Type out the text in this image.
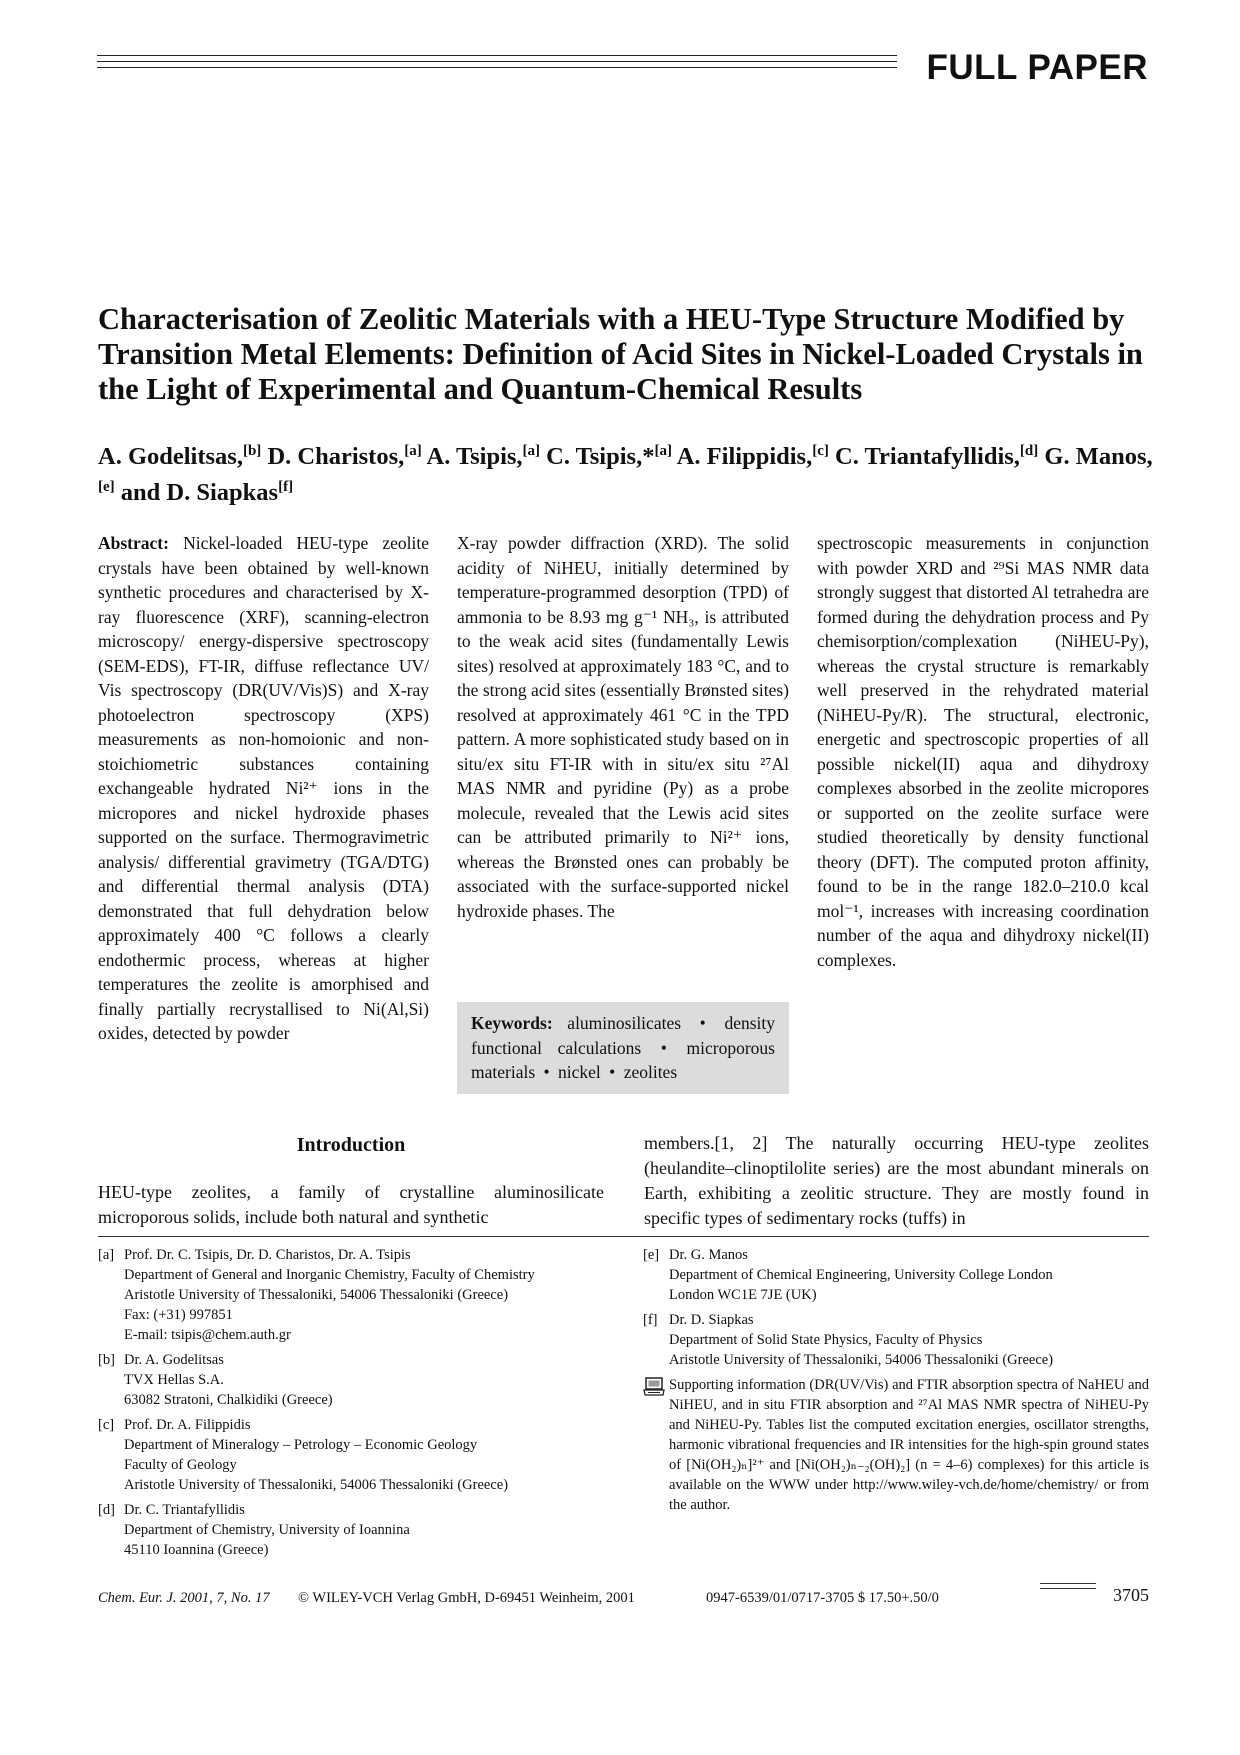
FULL PAPER
Characterisation of Zeolitic Materials with a HEU-Type Structure Modified by Transition Metal Elements: Definition of Acid Sites in Nickel-Loaded Crystals in the Light of Experimental and Quantum-Chemical Results

A. Godelitsas,[b] D. Charistos,[a] A. Tsipis,[a] C. Tsipis,*[a] A. Filippidis,[c] C. Triantafyllidis,[d] G. Manos,[e] and D. Siapkas[f]

Abstract: Nickel-loaded HEU-type zeolite crystals have been obtained by well-known synthetic procedures and characterised by X-ray fluorescence (XRF), scanning-electron microscopy/ energy-dispersive spectroscopy (SEM-EDS), FT-IR, diffuse reflectance UV/ Vis spectroscopy (DR(UV/Vis)S) and X-ray photoelectron spectroscopy (XPS) measurements as non-homoionic and non-stoichiometric substances containing exchangeable hydrated Ni²⁺ ions in the micropores and nickel hydroxide phases supported on the surface. Thermogravimetric analysis/ differential gravimetry (TGA/DTG) and differential thermal analysis (DTA) demonstrated that full dehydration below approximately 400 °C follows a clearly endothermic process, whereas at higher temperatures the zeolite is amorphised and finally partially recrystallised to Ni(Al,Si) oxides, detected by powder

X-ray powder diffraction (XRD). The solid acidity of NiHEU, initially determined by temperature-programmed desorption (TPD) of ammonia to be 8.93 mg g⁻¹ NH₃, is attributed to the weak acid sites (fundamentally Lewis sites) resolved at approximately 183 °C, and to the strong acid sites (essentially Brønsted sites) resolved at approximately 461 °C in the TPD pattern. A more sophisticated study based on in situ/ex situ FT-IR with in situ/ex situ ²⁷Al MAS NMR and pyridine (Py) as a probe molecule, revealed that the Lewis acid sites can be attributed primarily to Ni²⁺ ions, whereas the Brønsted ones can probably be associated with the surface-supported nickel hydroxide phases. The

spectroscopic measurements in conjunction with powder XRD and ²⁹Si MAS NMR data strongly suggest that distorted Al tetrahedra are formed during the dehydration process and Py chemisorption/complexation (NiHEU-Py), whereas the crystal structure is remarkably well preserved in the rehydrated material (NiHEU-Py/R). The structural, electronic, energetic and spectroscopic properties of all possible nickel(II) aqua and dihydroxy complexes absorbed in the zeolite micropores or supported on the zeolite surface were studied theoretically by density functional theory (DFT). The computed proton affinity, found to be in the range 182.0–210.0 kcal mol⁻¹, increases with increasing coordination number of the aqua and dihydroxy nickel(II) complexes.

Keywords: aluminosilicates • density functional calculations • microporous materials • nickel • zeolites
Introduction

HEU-type zeolites, a family of crystalline aluminosilicate microporous solids, include both natural and synthetic

members.[1, 2] The naturally occurring HEU-type zeolites (heulandite–clinoptilolite series) are the most abundant minerals on Earth, exhibiting a zeolitic structure. They are mostly found in specific types of sedimentary rocks (tuffs) in

[a] Prof. Dr. C. Tsipis, Dr. D. Charistos, Dr. A. Tsipis
Department of General and Inorganic Chemistry, Faculty of Chemistry
Aristotle University of Thessaloniki, 54006 Thessaloniki (Greece)
Fax: (+31) 997851
E-mail: tsipis@chem.auth.gr
[b] Dr. A. Godelitsas
TVX Hellas S.A.
63082 Stratoni, Chalkidiki (Greece)
[c] Prof. Dr. A. Filippidis
Department of Mineralogy – Petrology – Economic Geology
Faculty of Geology
Aristotle University of Thessaloniki, 54006 Thessaloniki (Greece)
[d] Dr. C. Triantafyllidis
Department of Chemistry, University of Ioannina
45110 Ioannina (Greece)
[e] Dr. G. Manos
Department of Chemical Engineering, University College London
London WC1E 7JE (UK)
[f] Dr. D. Siapkas
Department of Solid State Physics, Faculty of Physics
Aristotle University of Thessaloniki, 54006 Thessaloniki (Greece)
Supporting information (DR(UV/Vis) and FTIR absorption spectra of NaHEU and NiHEU, and in situ FTIR absorption and ²⁷Al MAS NMR spectra of NiHEU-Py and NiHEU-Py. Tables list the computed excitation energies, oscillator strengths, harmonic vibrational frequencies and IR intensities for the high-spin ground states of [Ni(OH₂)ₙ]²⁺ and [Ni(OH₂)ₙ₋₂(OH)₂] (n = 4–6) complexes) for this article is available on the WWW under http://www.wiley-vch.de/home/chemistry/ or from the author.
Chem. Eur. J. 2001, 7, No. 17 © WILEY-VCH Verlag GmbH, D-69451 Weinheim, 2001	0947-6539/01/0717-3705 $ 17.50+.50/0	3705
